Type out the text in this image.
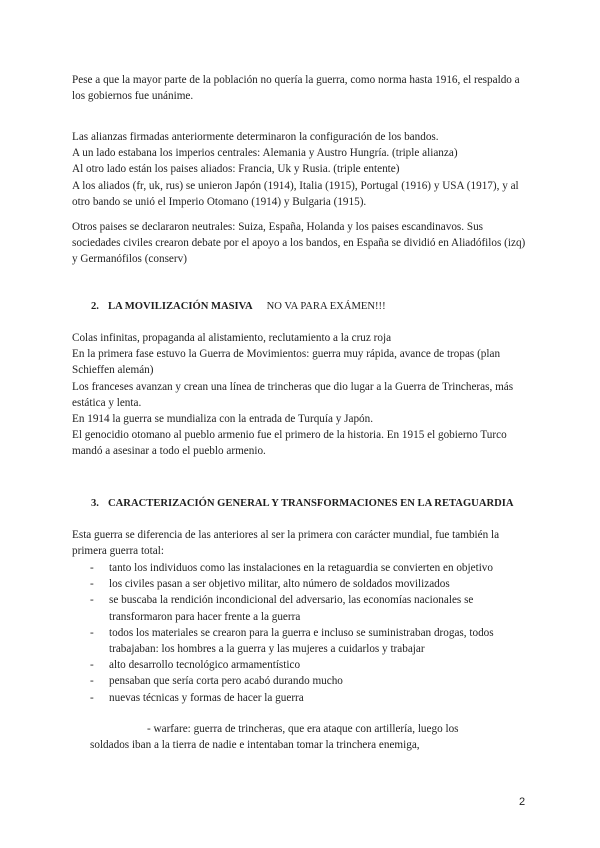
Pese a que la mayor parte de la población no quería la guerra, como norma hasta 1916, el respaldo a los gobiernos fue unánime.

Las alianzas firmadas anteriormente determinaron la configuración de los bandos.
A un lado estabana los imperios centrales: Alemania y Austro Hungría. (triple alianza)
Al otro lado están los paises aliados: Francia, Uk y Rusia. (triple entente)
A los aliados (fr, uk, rus) se unieron Japón (1914), Italia (1915), Portugal (1916) y USA (1917), y al otro bando se unió el Imperio Otomano (1914) y Bulgaria (1915).

Otros paises se declararon neutrales: Suiza, España, Holanda y los paises escandinavos. Sus sociedades civiles crearon debate por el apoyo a los bandos, en España se dividió en Aliadófilos (izq) y Germanófilos (conserv)

2. LA MOVILIZACIÓN MASIVA NO VA PARA EXÁMEN!!!

Colas infinitas, propaganda al alistamiento, reclutamiento a la cruz roja
En la primera fase estuvo la Guerra de Movimientos: guerra muy rápida, avance de tropas (plan Schieffen alemán)
Los franceses avanzan y crean una línea de trincheras que dio lugar a la Guerra de Trincheras, más estática y lenta.
En 1914 la guerra se mundializa con la entrada de Turquía y Japón.
El genocidio otomano al pueblo armenio fue el primero de la historia. En 1915 el gobierno Turco mandó a asesinar a todo el pueblo armenio.

3. CARACTERIZACIÓN GENERAL Y TRANSFORMACIONES EN LA RETAGUARDIA

Esta guerra se diferencia de las anteriores al ser la primera con carácter mundial, fue también la primera guerra total:

- tanto los individuos como las instalaciones en la retaguardia se convierten en objetivo
- los civiles pasan a ser objetivo militar, alto número de soldados movilizados
- se buscaba la rendición incondicional del adversario, las economías nacionales se transformaron para hacer frente a la guerra
- todos los materiales se crearon para la guerra e incluso se suministraban drogas, todos trabajaban: los hombres a la guerra y las mujeres a cuidarlos y trabajar
- alto desarrollo tecnológico armamentístico
- pensaban que sería corta pero acabó durando mucho
- nuevas técnicas y formas de hacer la guerra

- warfare: guerra de trincheras, que era ataque con artillería, luego los
soldados iban a la tierra de nadie e intentaban tomar la trinchera enemiga,

2
